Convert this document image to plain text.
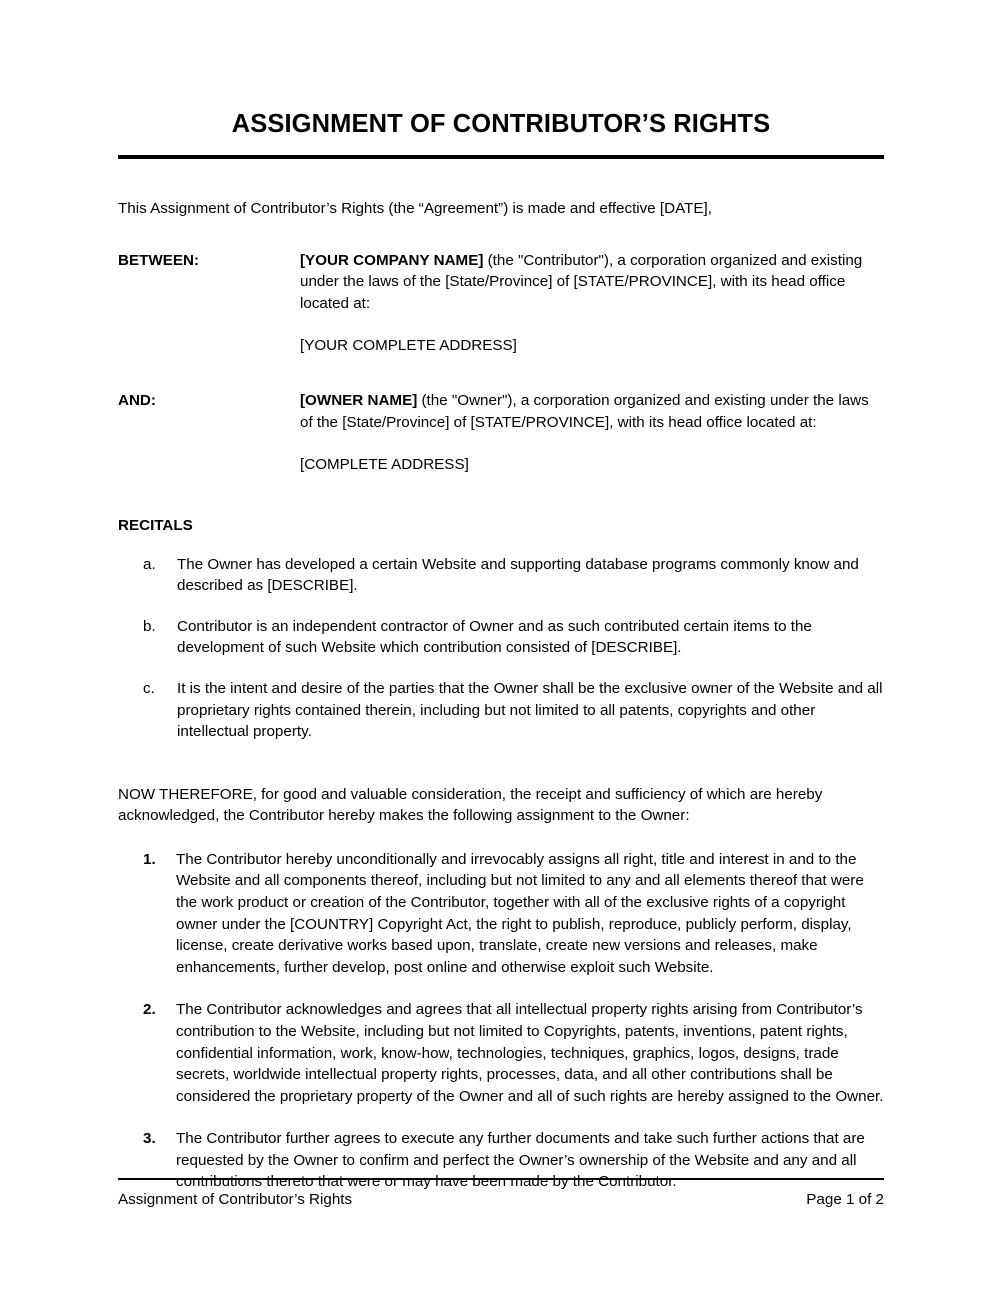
ASSIGNMENT OF CONTRIBUTOR’S RIGHTS

This Assignment of Contributor’s Rights (the “Agreement”) is made and effective [DATE],

BETWEEN:	[YOUR COMPANY NAME] (the "Contributor"), a corporation organized and existing under the laws of the [State/Province] of [STATE/PROVINCE], with its head office located at:
[YOUR COMPLETE ADDRESS]
AND:	[OWNER NAME] (the "Owner"), a corporation organized and existing under the laws of the [State/Province] of [STATE/PROVINCE], with its head office located at:
[COMPLETE ADDRESS]
RECITALS
a.	The Owner has developed a certain Website and supporting database programs commonly know and described as [DESCRIBE].
b.	Contributor is an independent contractor of Owner and as such contributed certain items to the development of such Website which contribution consisted of [DESCRIBE].
c.	It is the intent and desire of the parties that the Owner shall be the exclusive owner of the Website and all proprietary rights contained therein, including but not limited to all patents, copyrights and other intellectual property.

NOW THEREFORE, for good and valuable consideration, the receipt and sufficiency of which are hereby acknowledged, the Contributor hereby makes the following assignment to the Owner:

1.	The Contributor hereby unconditionally and irrevocably assigns all right, title and interest in and to the Website and all components thereof, including but not limited to any and all elements thereof that were the work product or creation of the Contributor, together with all of the exclusive rights of a copyright owner under the [COUNTRY] Copyright Act, the right to publish, reproduce, publicly perform, display, license, create derivative works based upon, translate, create new versions and releases, make enhancements, further develop, post online and otherwise exploit such Website.
2.	The Contributor acknowledges and agrees that all intellectual property rights arising from Contributor’s contribution to the Website, including but not limited to Copyrights, patents, inventions, patent rights, confidential information, work, know-how, technologies, techniques, graphics, logos, designs, trade secrets, worldwide intellectual property rights, processes, data, and all other contributions shall be considered the proprietary property of the Owner and all of such rights are hereby assigned to the Owner.
3.	The Contributor further agrees to execute any further documents and take such further actions that are requested by the Owner to confirm and perfect the Owner’s ownership of the Website and any and all contributions thereto that were or may have been made by the Contributor.
Assignment of Contributor’s Rights	Page 1 of 2
